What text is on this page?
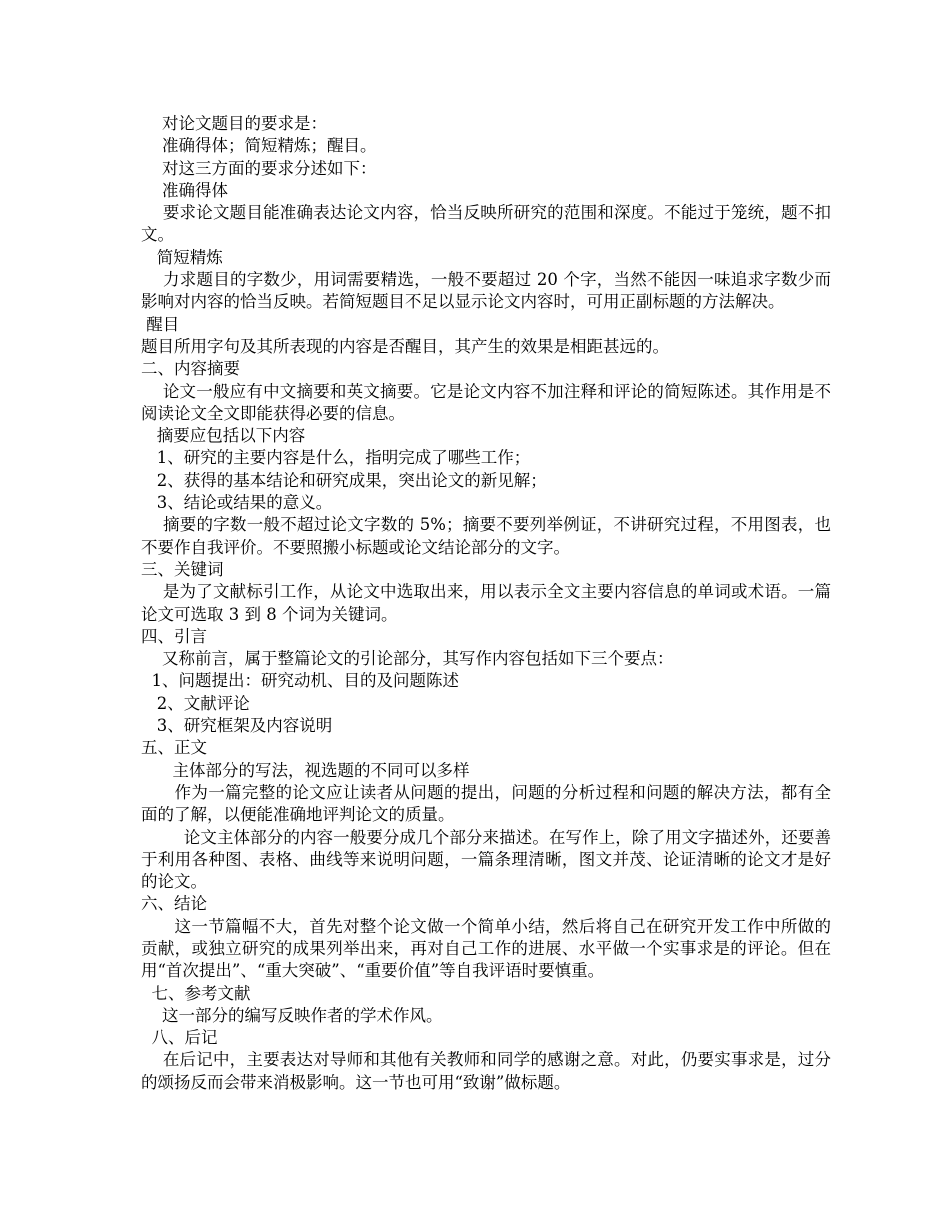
对论文题目的要求是：
准确得体；简短精炼；醒目。
对这三方面的要求分述如下：
准确得体
要求论文题目能准确表达论文内容，恰当反映所研究的范围和深度。不能过于笼统，题不扣文。
简短精炼
力求题目的字数少，用词需要精选，一般不要超过 20 个字，当然不能因一味追求字数少而影响对内容的恰当反映。若简短题目不足以显示论文内容时，可用正副标题的方法解决。
醒目
题目所用字句及其所表现的内容是否醒目，其产生的效果是相距甚远的。
二、内容摘要
论文一般应有中文摘要和英文摘要。它是论文内容不加注释和评论的简短陈述。其作用是不阅读论文全文即能获得必要的信息。
摘要应包括以下内容
1、研究的主要内容是什么，指明完成了哪些工作；
2、获得的基本结论和研究成果，突出论文的新见解；
3、结论或结果的意义。
摘要的字数一般不超过论文字数的 5%；摘要不要列举例证，不讲研究过程，不用图表，也不要作自我评价。不要照搬小标题或论文结论部分的文字。
三、关键词
是为了文献标引工作，从论文中选取出来，用以表示全文主要内容信息的单词或术语。一篇论文可选取 3 到 8 个词为关键词。
四、引言
又称前言，属于整篇论文的引论部分，其写作内容包括如下三个要点：
1、问题提出：研究动机、目的及问题陈述
2、文献评论
3、研究框架及内容说明
五、正文
主体部分的写法，视选题的不同可以多样
作为一篇完整的论文应让读者从问题的提出，问题的分析过程和问题的解决方法，都有全面的了解，以便能准确地评判论文的质量。
论文主体部分的内容一般要分成几个部分来描述。在写作上，除了用文字描述外，还要善于利用各种图、表格、曲线等来说明问题，一篇条理清晰，图文并茂、论证清晰的论文才是好的论文。
六、结论
这一节篇幅不大，首先对整个论文做一个简单小结，然后将自己在研究开发工作中所做的贡献，或独立研究的成果列举出来，再对自己工作的进展、水平做一个实事求是的评论。但在用“首次提出”、“重大突破”、“重要价值”等自我评语时要慎重。
七、参考文献
这一部分的编写反映作者的学术作风。
八、后记
在后记中，主要表达对导师和其他有关教师和同学的感谢之意。对此，仍要实事求是，过分的颂扬反而会带来消极影响。这一节也可用“致谢”做标题。
